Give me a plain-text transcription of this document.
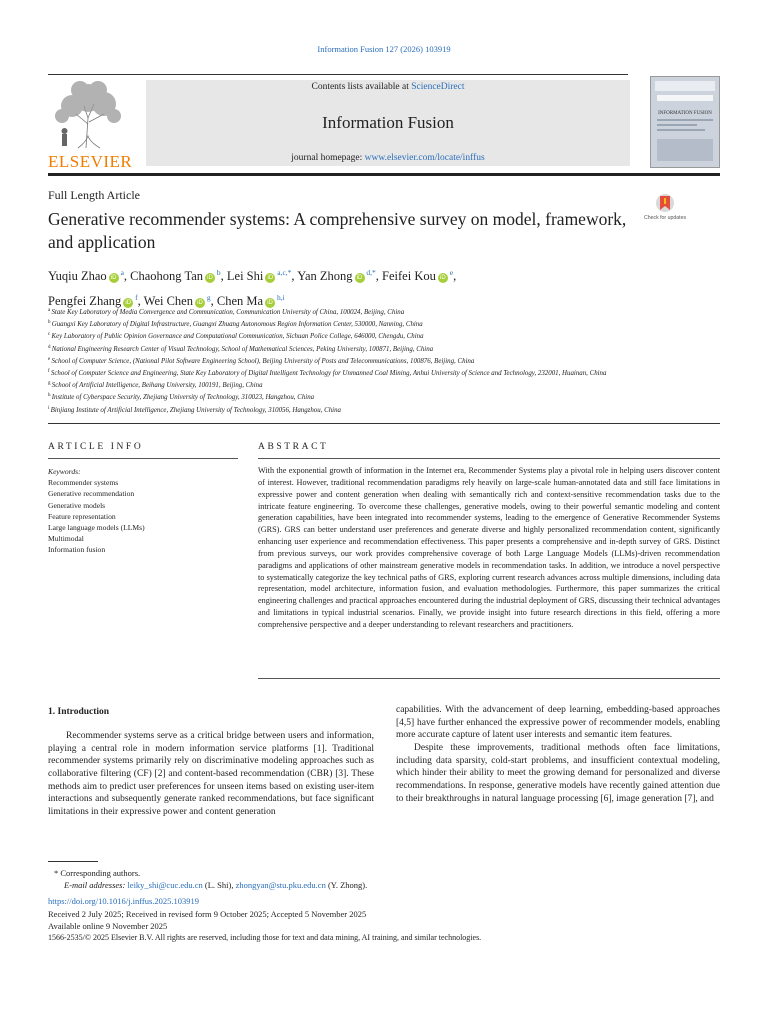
Information Fusion 127 (2026) 103919
ELSEVIER
Contents lists available at ScienceDirect
Information Fusion
journal homepage: www.elsevier.com/locate/inffus
INFORMATION FUSION
Full Length Article
Generative recommender systems: A comprehensive survey on model, framework, and application
Check for updates
Yuqiu Zhao iD $^a$, Chaohong Tan iD $^b$, Lei Shi iD $^{a,c,*}$, Yan Zhong iD $^{d,*}$, Feifei Kou iD $^e$,
Pengfei Zhang iD $^f$, Wei Chen iD $^g$, Chen Ma iD $^{h,i}$
$^a$ State Key Laboratory of Media Convergence and Communication, Communication University of China, 100024, Beijing, China
$^b$ Guangxi Key Laboratory of Digital Infrastructure, Guangxi Zhuang Autonomous Region Information Center, 530000, Nanning, China
$^c$ Key Laboratory of Public Opinion Governance and Computational Communication, Sichuan Police College, 646000, Chengdu, China
$^d$ National Engineering Research Center of Visual Technology, School of Mathematical Sciences, Peking University, 100871, Beijing, China
$^e$ School of Computer Science, (National Pilot Software Engineering School), Beijing University of Posts and Telecommunications, 100876, Beijing, China
$^f$ School of Computer Science and Engineering, State Key Laboratory of Digital Intelligent Technology for Unmanned Coal Mining, Anhui University of Science and Technology, 232001, Huainan, China
$^g$ School of Artificial Intelligence, Beihang University, 100191, Beijing, China
$^h$ Institute of Cyberspace Security, Zhejiang University of Technology, 310023, Hangzhou, China
$^i$ Binjiang Institute of Artificial Intelligence, Zhejiang University of Technology, 310056, Hangzhou, China
ARTICLE INFO
Keywords:
Recommender systems
Generative recommendation
Generative models
Feature representation
Large language models (LLMs)
Multimodal
Information fusion
ABSTRACT
With the exponential growth of information in the Internet era, Recommender Systems play a pivotal role in helping users discover content of interest. However, traditional recommendation paradigms rely heavily on large-scale human-annotated data and still face limitations in expressive power and content generation when dealing with semantically rich and context-sensitive recommendation tasks due to the intricate feature engineering. To overcome these challenges, generative models, owing to their powerful semantic modeling and content generation capabilities, have been integrated into recommender systems, leading to the emergence of Generative Recommender Systems (GRS). GRS can better understand user preferences and generate diverse and highly personalized recommendation content, significantly enhancing user experience and recommendation effectiveness. This paper presents a comprehensive and in-depth survey of GRS. Distinct from previous surveys, our work provides comprehensive coverage of both Large Language Models (LLMs)-driven recommendation paradigms and applications of other mainstream generative models in recommendation tasks. In addition, we introduce a novel perspective to systematically categorize the key technical paths of GRS, exploring current research advances across multiple dimensions, including data representation, model architecture, information fusion, and evaluation methodologies. Furthermore, this paper summarizes the critical engineering challenges and practical approaches encountered during the industrial deployment of GRS, discussing their technical advantages and limitations in typical industrial scenarios. Finally, we provide insight into future research directions in this field, offering a more comprehensive perspective and a deeper understanding to relevant researchers and practitioners.
1. Introduction

Recommender systems serve as a critical bridge between users and information, playing a central role in modern information service platforms [1]. Traditional recommender systems primarily rely on discriminative modeling approaches such as collaborative filtering (CF) [2] and content-based recommendation (CBR) [3]. These methods aim to predict user preferences for unseen items based on existing user-item interactions and subsequently generate ranked recommendations, but face significant limitations in their expressive power and content generation

capabilities. With the advancement of deep learning, embedding-based approaches [4,5] have further enhanced the expressive power of recommender models, enabling more accurate capture of latent user interests and semantic item features.

Despite these improvements, traditional methods often face limitations, including data sparsity, cold-start problems, and insufficient contextual modeling, which hinder their ability to meet the growing demand for personalized and diverse recommendations. In response, generative models have recently gained attention due to their breakthroughs in natural language processing [6], image generation [7], and

* Corresponding authors.
E-mail addresses: leiky_shi@cuc.edu.cn (L. Shi), zhongyan@stu.pku.edu.cn (Y. Zhong).
https://doi.org/10.1016/j.inffus.2025.103919
Received 2 July 2025; Received in revised form 9 October 2025; Accepted 5 November 2025
Available online 9 November 2025
1566-2535/© 2025 Elsevier B.V. All rights are reserved, including those for text and data mining, AI training, and similar technologies.
